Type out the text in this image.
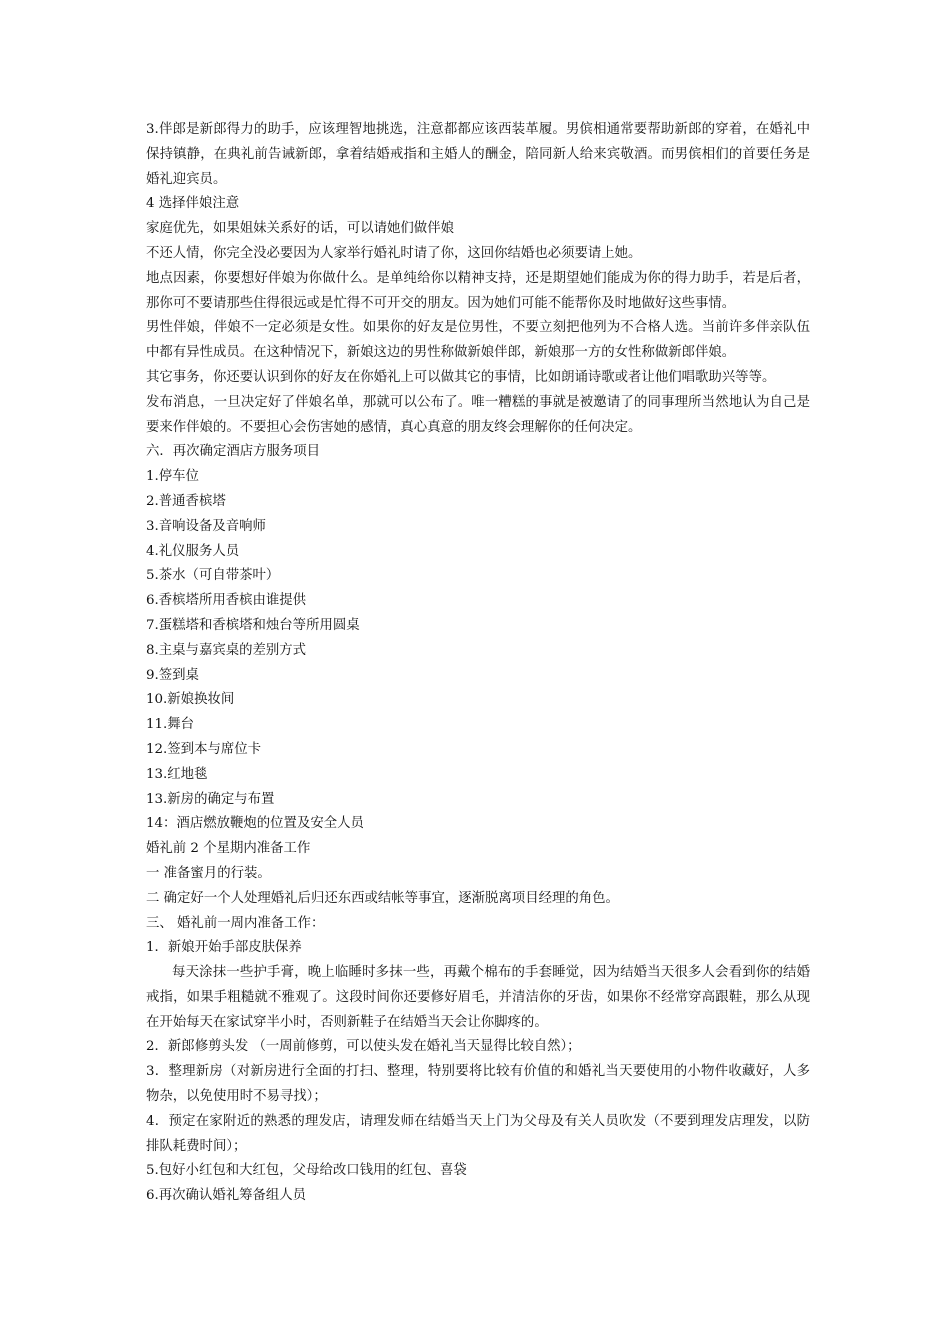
3.伴郎是新郎得力的助手，应该理智地挑选，注意都都应该西装革履。男傧相通常要帮助新郎的穿着，在婚礼中保持镇静，在典礼前告诫新郎，拿着结婚戒指和主婚人的酬金，陪同新人给来宾敬酒。而男傧相们的首要任务是婚礼迎宾员。

4 选择伴娘注意

家庭优先，如果姐妹关系好的话，可以请她们做伴娘

不还人情，你完全没必要因为人家举行婚礼时请了你，这回你结婚也必须要请上她。

地点因素，你要想好伴娘为你做什么。是单纯给你以精神支持，还是期望她们能成为你的得力助手，若是后者，那你可不要请那些住得很远或是忙得不可开交的朋友。因为她们可能不能帮你及时地做好这些事情。

男性伴娘，伴娘不一定必须是女性。如果你的好友是位男性，不要立刻把他列为不合格人选。当前许多伴亲队伍中都有异性成员。在这种情况下，新娘这边的男性称做新娘伴郎，新娘那一方的女性称做新郎伴娘。

其它事务，你还要认识到你的好友在你婚礼上可以做其它的事情，比如朗诵诗歌或者让他们唱歌助兴等等。

发布消息，一旦决定好了伴娘名单，那就可以公布了。唯一糟糕的事就是被邀请了的同事理所当然地认为自己是要来作伴娘的。不要担心会伤害她的感情，真心真意的朋友终会理解你的任何决定。

六．再次确定酒店方服务项目

1.停车位

2.普通香槟塔

3.音响设备及音响师

4.礼仪服务人员

5.茶水（可自带茶叶）

6.香槟塔所用香槟由谁提供

7.蛋糕塔和香槟塔和烛台等所用圆桌

8.主桌与嘉宾桌的差别方式

9.签到桌

10.新娘换妆间

11.舞台

12.签到本与席位卡

13.红地毯

13.新房的确定与布置

14：酒店燃放鞭炮的位置及安全人员

婚礼前 2 个星期内准备工作

一 准备蜜月的行装。

二 确定好一个人处理婚礼后归还东西或结帐等事宜，逐渐脱离项目经理的角色。

三、 婚礼前一周内准备工作：

1．新娘开始手部皮肤保养

每天涂抹一些护手膏，晚上临睡时多抹一些，再戴个棉布的手套睡觉，因为结婚当天很多人会看到你的结婚戒指，如果手粗糙就不雅观了。这段时间你还要修好眉毛，并清洁你的牙齿，如果你不经常穿高跟鞋，那么从现在开始每天在家试穿半小时，否则新鞋子在结婚当天会让你脚疼的。

2．新郎修剪头发 （一周前修剪，可以使头发在婚礼当天显得比较自然）；

3．整理新房（对新房进行全面的打扫、整理，特别要将比较有价值的和婚礼当天要使用的小物件收藏好，人多物杂，以免使用时不易寻找）；

4．预定在家附近的熟悉的理发店，请理发师在结婚当天上门为父母及有关人员吹发（不要到理发店理发，以防排队耗费时间）；

5.包好小红包和大红包，父母给改口钱用的红包、喜袋

6.再次确认婚礼筹备组人员
